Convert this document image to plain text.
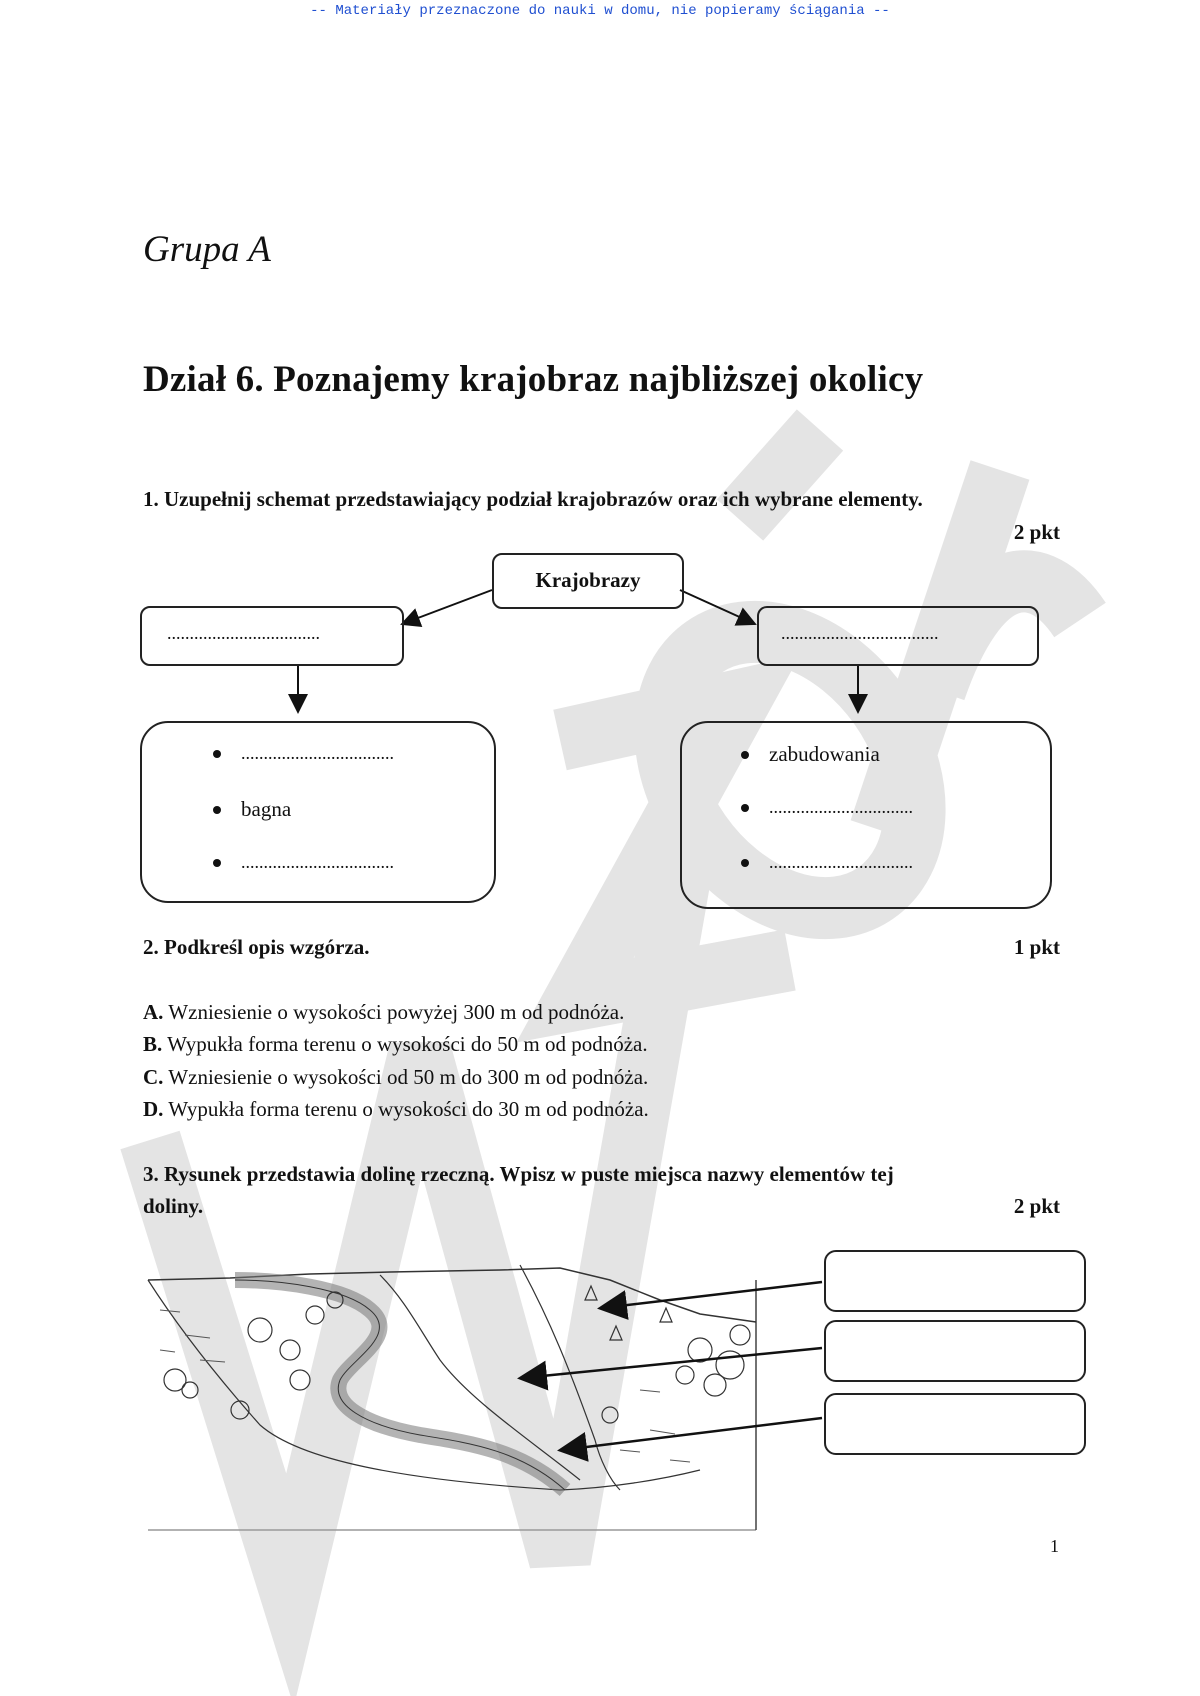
-- Materiały przeznaczone do nauki w domu, nie popieramy ściągania --
Grupa A
Dział 6. Poznajemy krajobraz najbliższej okolicy
1. Uzupełnij schemat przedstawiający podział krajobrazów oraz ich wybrane elementy.
2 pkt
Krajobrazy
..................................	...................................
..................................
bagna
..................................
zabudowania
................................
................................
2. Podkreśl opis wzgórza.	1 pkt
A. Wzniesienie o wysokości powyżej 300 m od podnóża.
B. Wypukła forma terenu o wysokości do 50 m od podnóża.
C. Wzniesienie o wysokości od 50 m do 300 m od podnóża.
D. Wypukła forma terenu o wysokości do 30 m od podnóża.
3. Rysunek przedstawia dolinę rzeczną. Wpisz w puste miejsca nazwy elementów tej
doliny.	2 pkt
1
